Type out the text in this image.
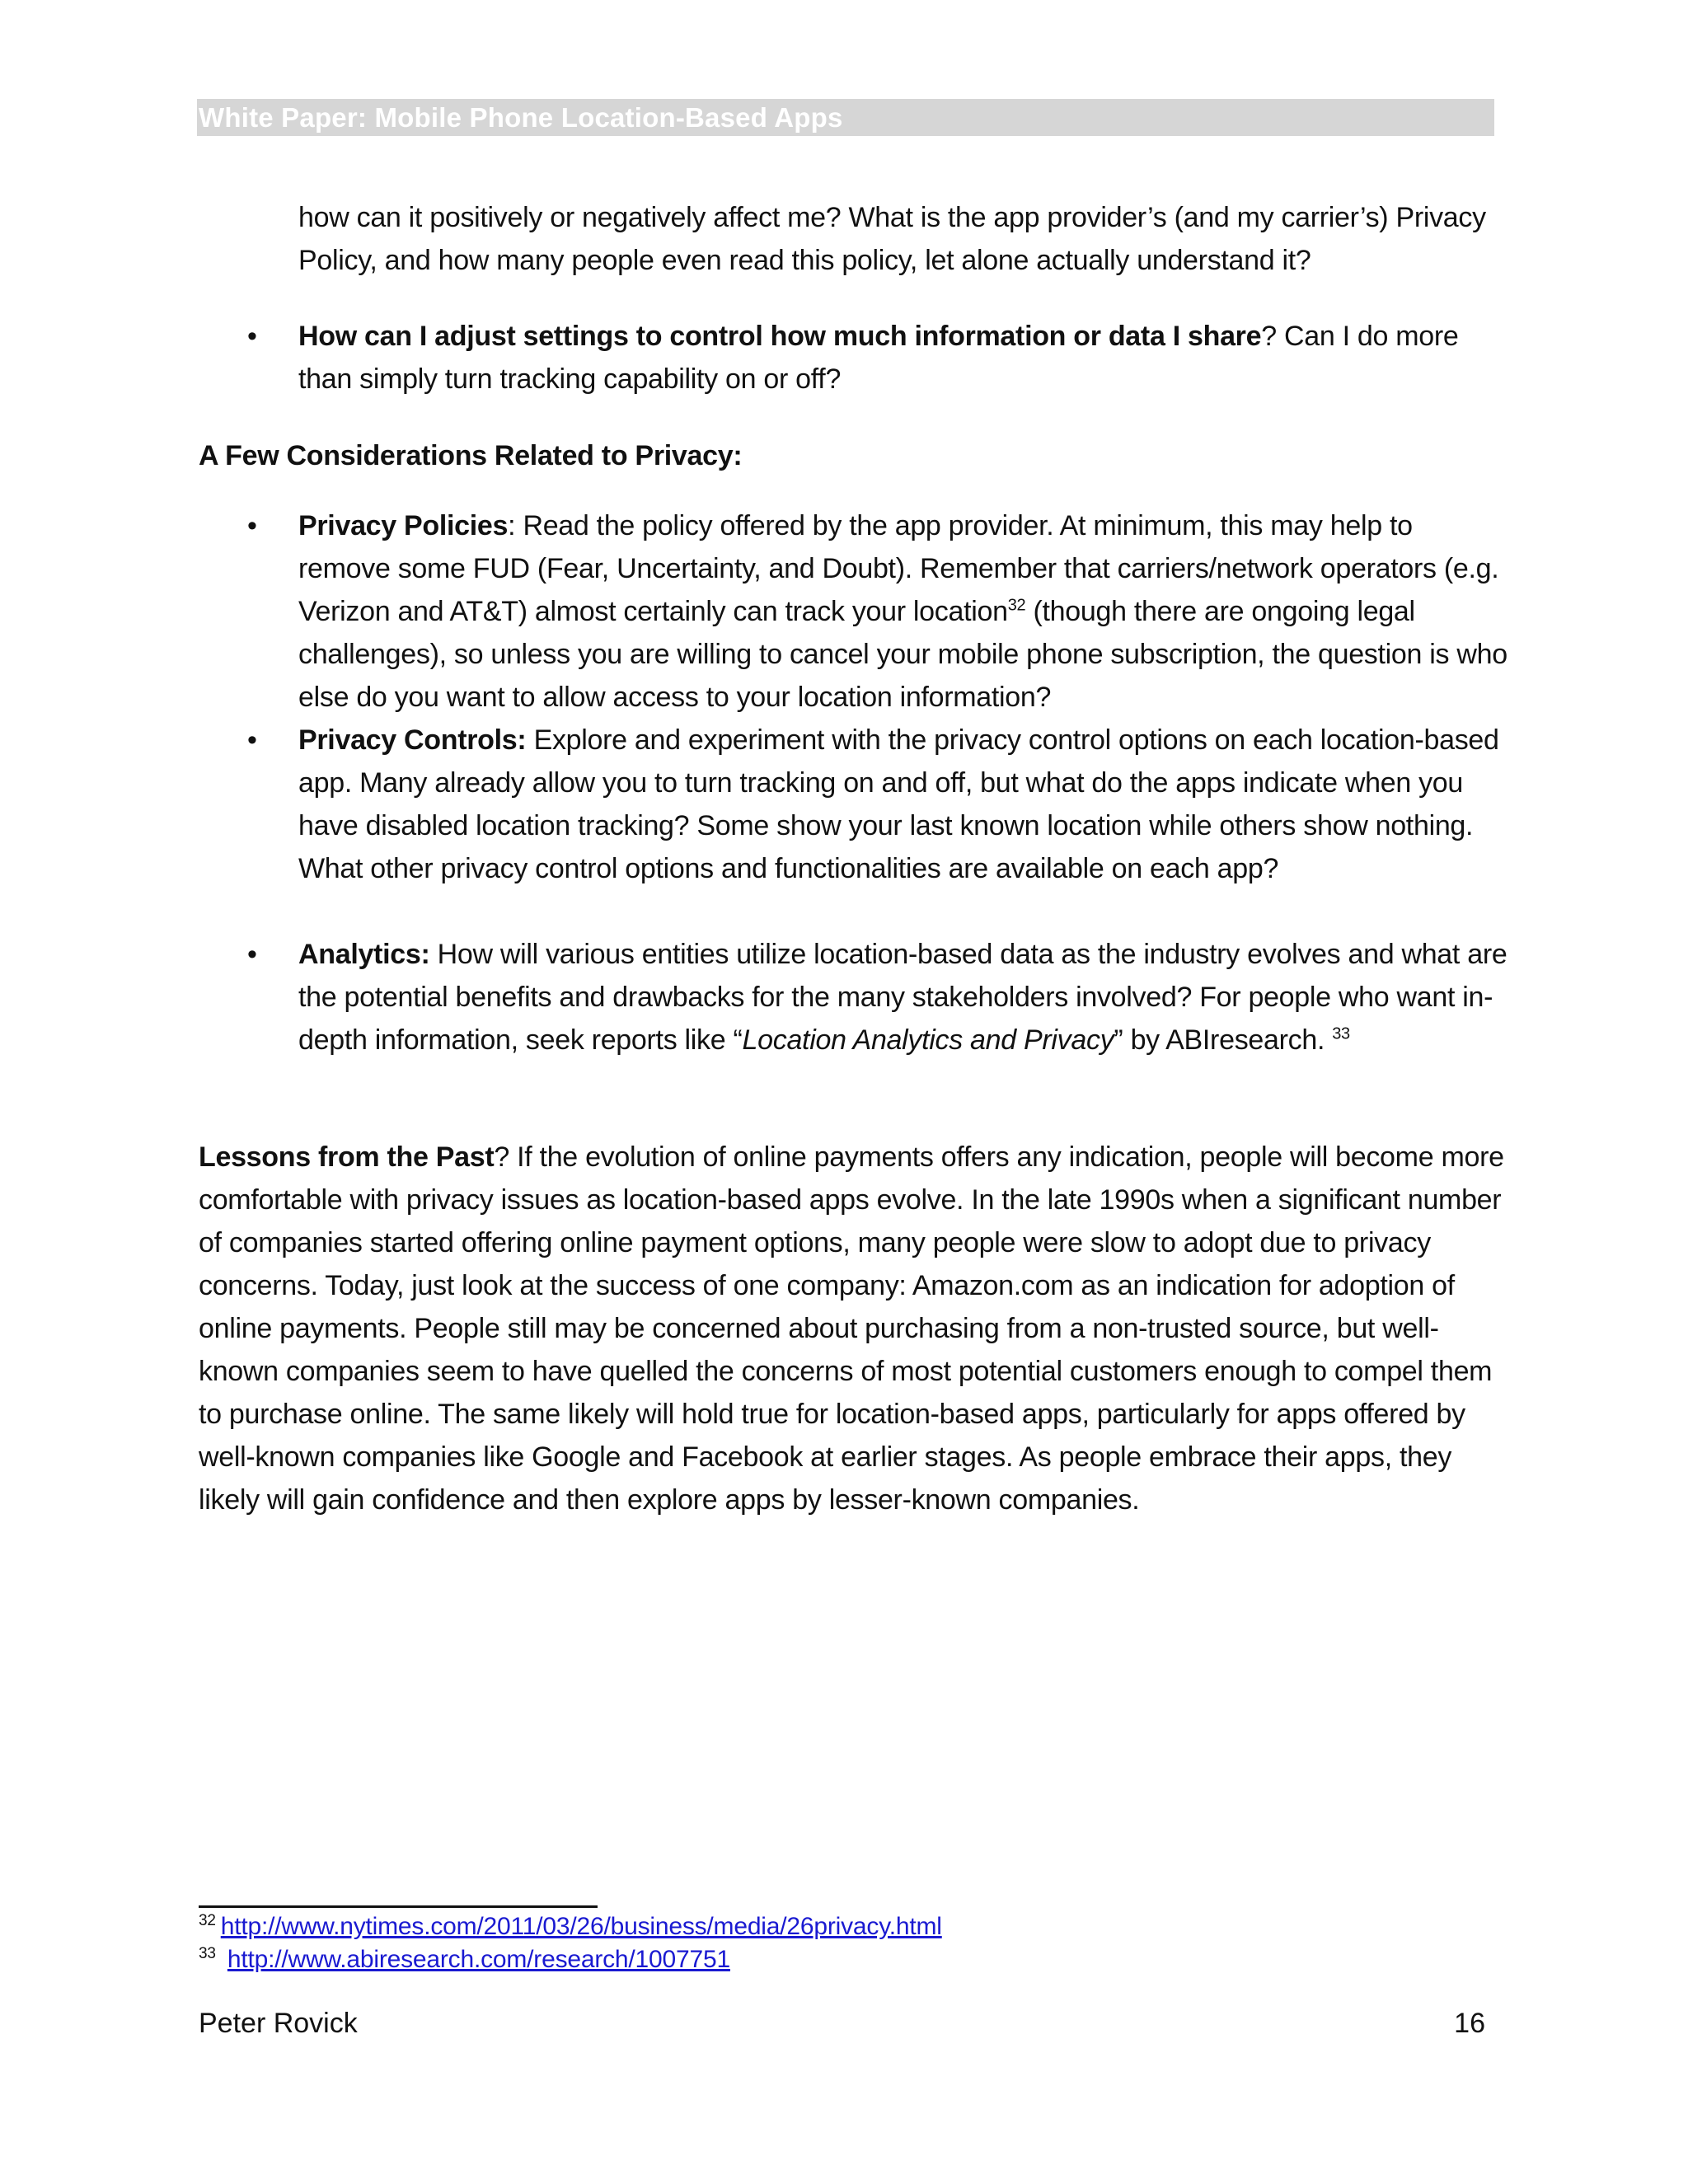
White Paper: Mobile Phone Location-Based Apps
how can it positively or negatively affect me? What is the app provider’s (and my carrier’s) Privacy Policy, and how many people even read this policy, let alone actually understand it?
• How can I adjust settings to control how much information or data I share? Can I do more than simply turn tracking capability on or off?
A Few Considerations Related to Privacy:
• Privacy Policies: Read the policy offered by the app provider. At minimum, this may help to remove some FUD (Fear, Uncertainty, and Doubt). Remember that carriers/network operators (e.g. Verizon and AT&T) almost certainly can track your location$^{32}$ (though there are ongoing legal challenges), so unless you are willing to cancel your mobile phone subscription, the question is who else do you want to allow access to your location information?
• Privacy Controls: Explore and experiment with the privacy control options on each location-based app. Many already allow you to turn tracking on and off, but what do the apps indicate when you have disabled location tracking? Some show your last known location while others show nothing. What other privacy control options and functionalities are available on each app?
• Analytics: How will various entities utilize location-based data as the industry evolves and what are the potential benefits and drawbacks for the many stakeholders involved? For people who want in-depth information, seek reports like “Location Analytics and Privacy” by ABIresearch. $^{33}$
Lessons from the Past? If the evolution of online payments offers any indication, people will become more comfortable with privacy issues as location-based apps evolve. In the late 1990s when a significant number of companies started offering online payment options, many people were slow to adopt due to privacy concerns. Today, just look at the success of one company: Amazon.com as an indication for adoption of online payments. People still may be concerned about purchasing from a non-trusted source, but well-known companies seem to have quelled the concerns of most potential customers enough to compel them to purchase online. The same likely will hold true for location-based apps, particularly for apps offered by well-known companies like Google and Facebook at earlier stages. As people embrace their apps, they likely will gain confidence and then explore apps by lesser-known companies.
$^{32}$ http://www.nytimes.com/2011/03/26/business/media/26privacy.html
$^{33}$ http://www.abiresearch.com/research/1007751
Peter Rovick	16
